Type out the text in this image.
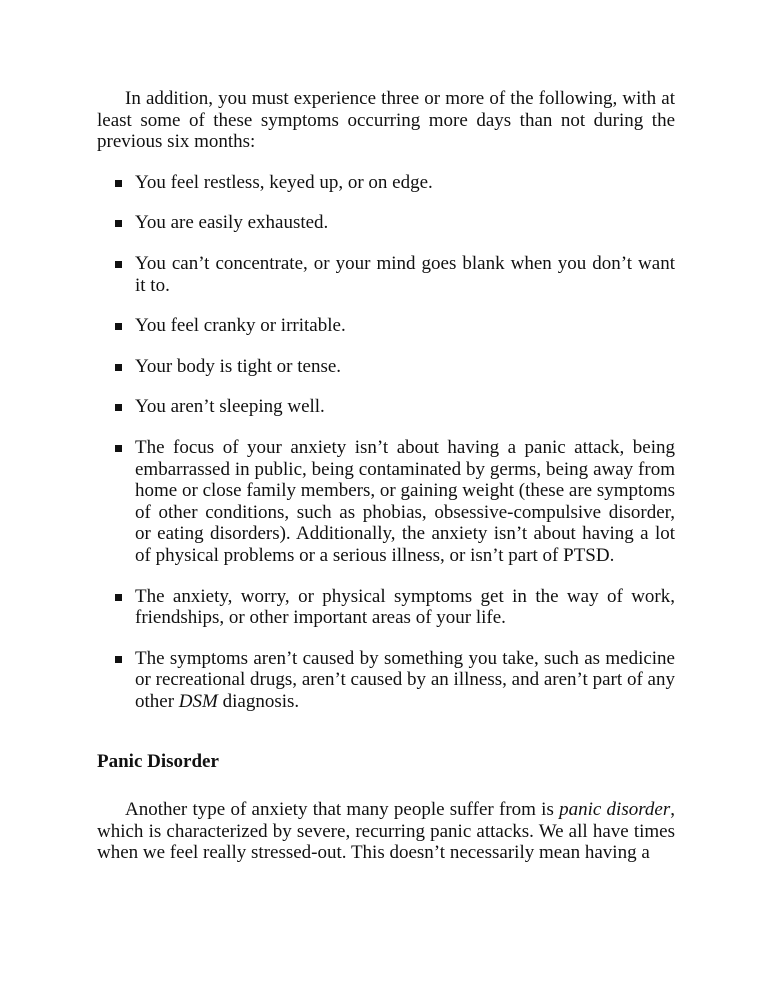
In addition, you must experience three or more of the following, with at least some of these symptoms occurring more days than not during the previous six months:

You feel restless, keyed up, or on edge.
You are easily exhausted.
You can’t concentrate, or your mind goes blank when you don’t want it to.
You feel cranky or irritable.
Your body is tight or tense.
You aren’t sleeping well.
The focus of your anxiety isn’t about having a panic attack, being embarrassed in public, being contaminated by germs, being away from home or close family members, or gaining weight (these are symptoms of other conditions, such as phobias, obsessive-compulsive disorder, or eating disorders). Additionally, the anxiety isn’t about having a lot of physical problems or a serious illness, or isn’t part of PTSD.
The anxiety, worry, or physical symptoms get in the way of work, friendships, or other important areas of your life.
The symptoms aren’t caused by something you take, such as medicine or recreational drugs, aren’t caused by an illness, and aren’t part of any other DSM diagnosis.
Panic Disorder

Another type of anxiety that many people suffer from is panic disorder, which is characterized by severe, recurring panic attacks. We all have times when we feel really stressed-out. This doesn’t necessarily mean having a
